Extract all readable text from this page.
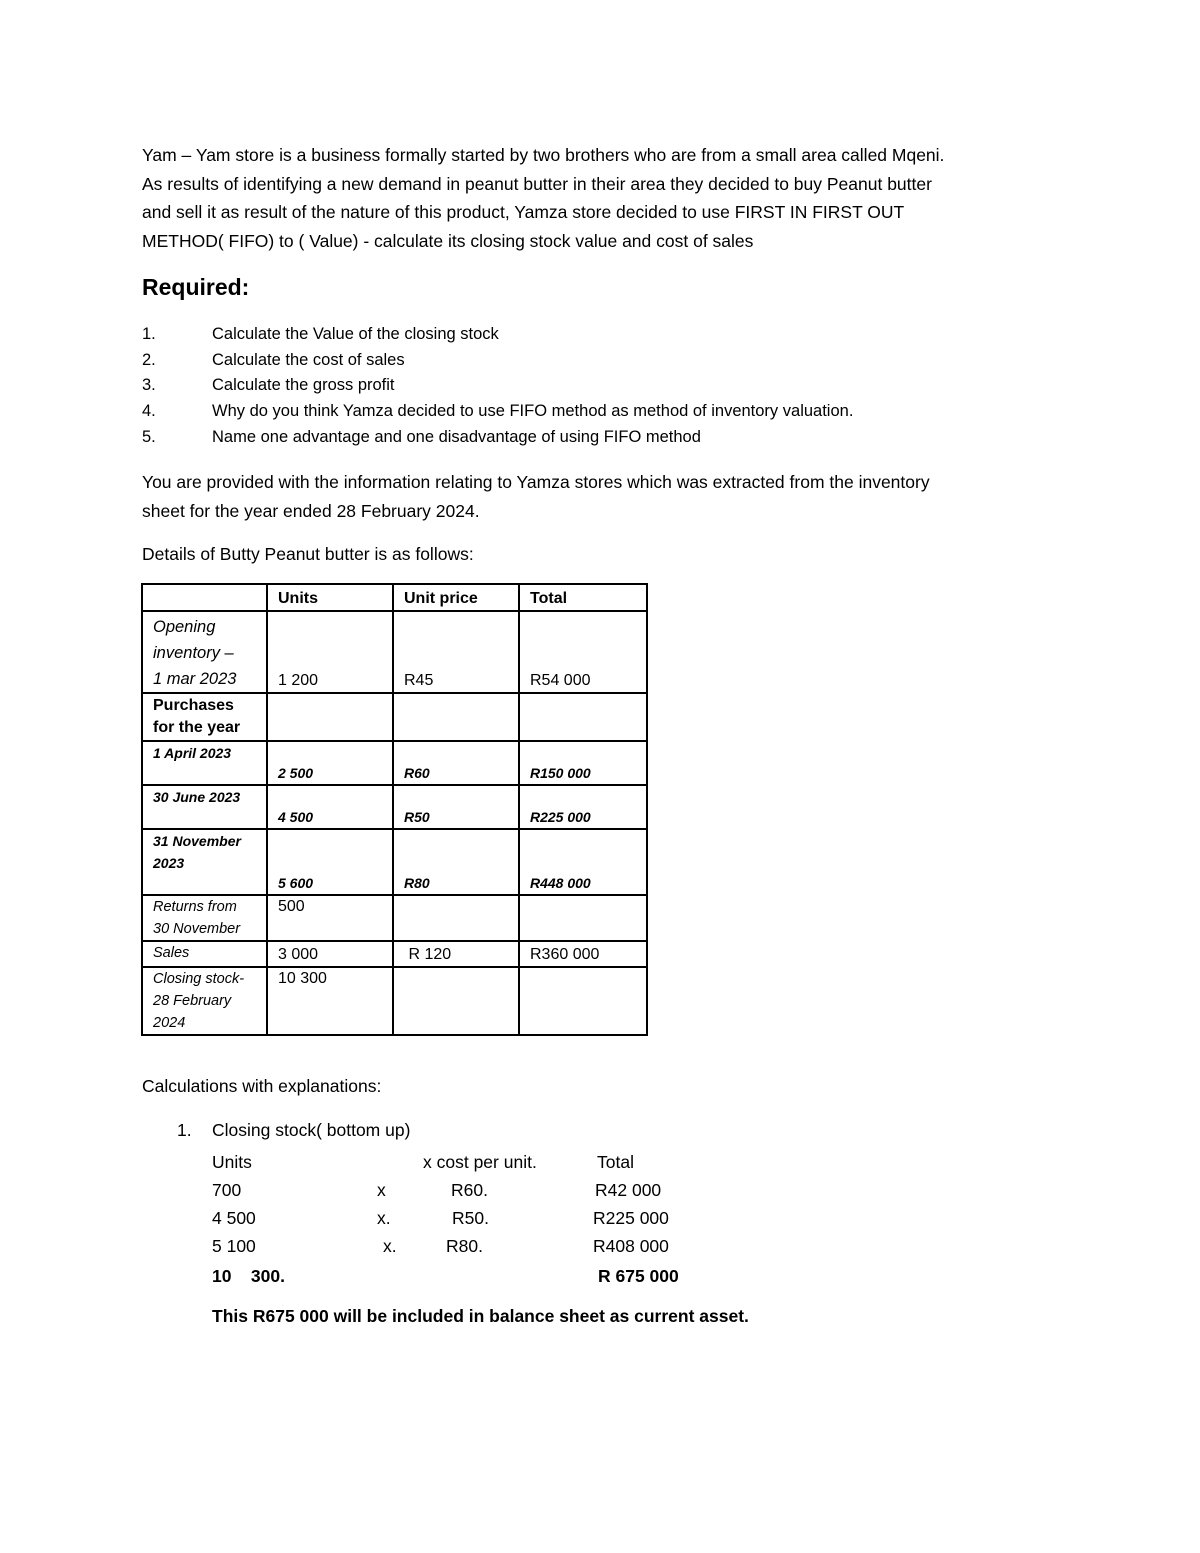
Yam – Yam store is a business formally started by two brothers who are from a small area called Mqeni.
As results of identifying a new demand in peanut butter in their area they decided to buy Peanut butter
and sell it as result of the nature of this product, Yamza store decided to use FIRST IN FIRST OUT
METHOD( FIFO) to ( Value) - calculate its closing stock value and cost of sales
Required:
1.	Calculate the Value of the closing stock
2.	Calculate the cost of sales
3.	Calculate the gross profit
4.	Why do you think Yamza decided to use FIFO method as method of inventory valuation.
5.	Name one advantage and one disadvantage of using FIFO method
You are provided with the information relating to Yamza stores which was extracted from the inventory
sheet for the year ended 28 February 2024.
Details of Butty Peanut butter is as follows:
	Units	Unit price	Total

Opening
inventory –
1 mar 2023	1 200	R45	R54 000

Purchases
for the year			

1 April 2023	2 500	R60	R150 000

30 June 2023	4 500	R50	R225 000

31 November
2023	5 600	R80	R448 000

Returns from
30 November	500		

Sales	3 000	R 120	R360 000

Closing stock-
28 February
2024	10 300		

Calculations with explanations:

1. Closing stock( bottom up)
Units	x cost per unit.	Total
700	x	R60.	R42 000
4 500	x.	R50.	R225 000
5 100	x.	R80.	R408 000
10    300.	R 675 000
This R675 000 will be included in balance sheet as current asset.
